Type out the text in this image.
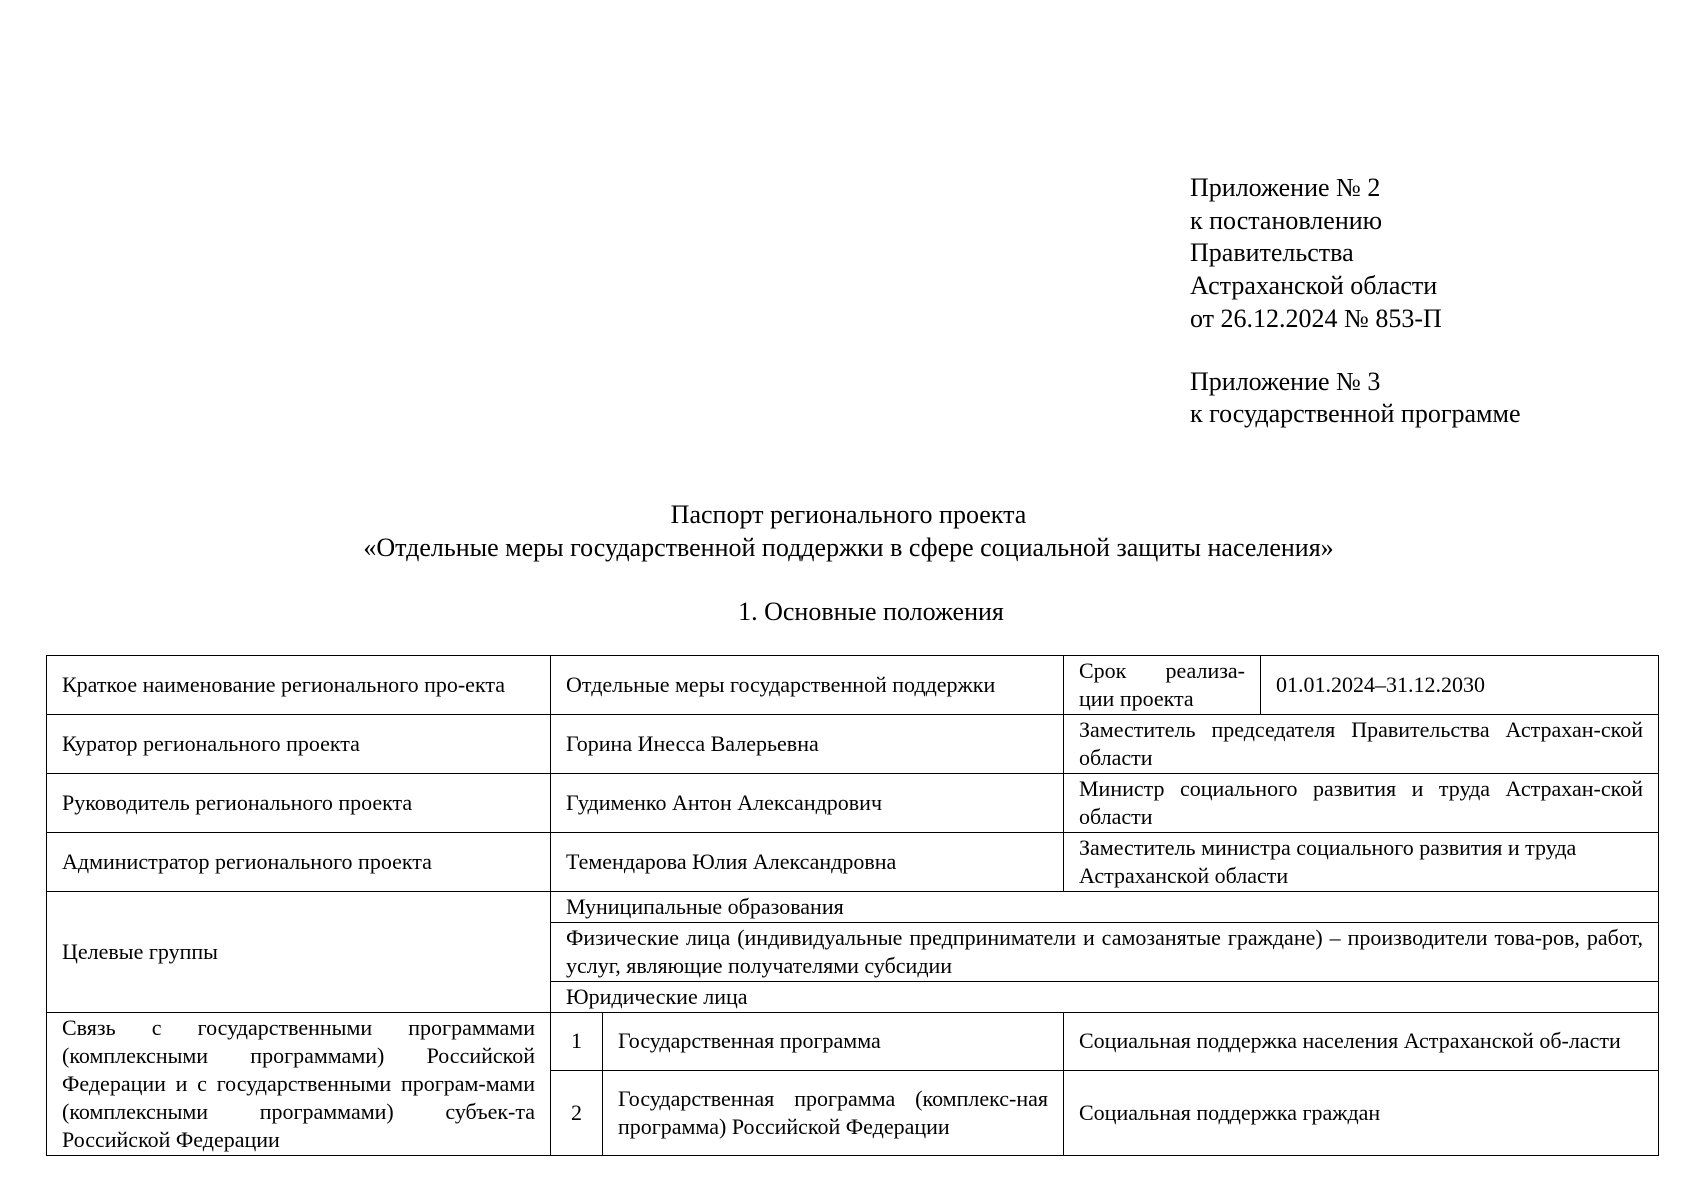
Приложение № 2
к постановлению
Правительства
Астраханской области
от 26.12.2024 № 853-П
Приложение № 3
к государственной программе
Паспорт регионального проекта
«Отдельные меры государственной поддержки в сфере социальной защиты населения»
1. Основные положения
Краткое наименование регионального про-екта	Отдельные меры государственной поддержки		Срок реализа-ции проекта	01.01.2024–31.12.2030
Куратор регионального проекта	Горина Инесса Валерьевна		Заместитель председателя Правительства Астрахан-ской области	
Руководитель регионального проекта	Гудименко Антон Александрович		Министр социального развития и труда Астрахан-ской области	
Администратор регионального проекта	Темендарова Юлия Александровна		Заместитель министра социального развития и труда Астраханской области	
Целевые группы	Муниципальные образования			
	Физические лица (индивидуальные предприниматели и самозанятые граждане) – производители това-ров, работ, услуг, являющие получателями субсидии			
	Юридические лица			
Связь с государственными программами (комплексными программами) Российской Федерации и с государственными програм-мами (комплексными программами) субъек-та Российской Федерации	1	Государственная программа	Социальная поддержка населения Астраханской об-ласти	
	2	Государственная программа (комплекс-ная программа) Российской Федерации	Социальная поддержка граждан	
